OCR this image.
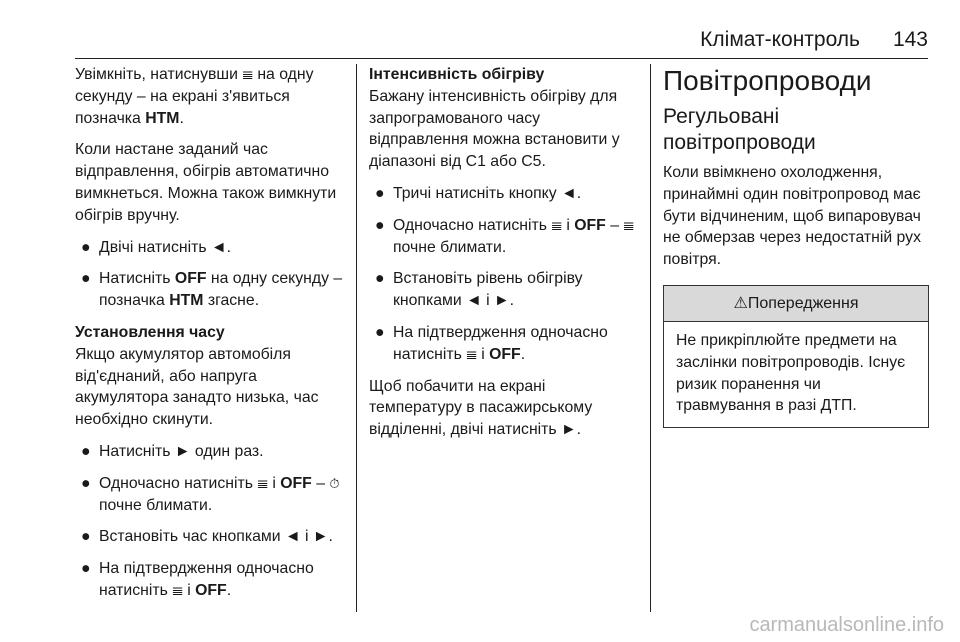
Клімат-контроль	143

Увімкніть, натиснувши 𝍣 на одну секунду – на екрані з'явиться позначка HTM.

Коли настане заданий час відправлення, обігрів автоматично вимкнеться. Можна також вимкнути обігрів вручну.

● Двічі натисніть ◄.
● Натисніть OFF на одну секунду – позначка HTM згасне.
Установлення часу

Якщо акумулятор автомобіля від'єднаний, або напруга акумулятора занадто низька, час необхідно скинути.

● Натисніть ► один раз.
● Одночасно натисніть 𝍣 і OFF – ⏱ почне блимати.
● Встановіть час кнопками ◄ і ►.
● На підтвердження одночасно натисніть 𝍣 і OFF.
Інтенсивність обігріву

Бажану інтенсивність обігріву для запрограмованого часу відправлення можна встановити у діапазоні від C1 або C5.

● Тричі натисніть кнопку ◄.
● Одночасно натисніть 𝍣 і OFF – 𝍣 почне блимати.
● Встановіть рівень обігріву кнопками ◄ і ►.
● На підтвердження одночасно натисніть 𝍣 і OFF.

Щоб побачити на екрані температуру в пасажирському відділенні, двічі натисніть ►.

Повітропроводи
Регульовані повітропроводи

Коли ввімкнено охолодження, принаймні один повітропровод має бути відчиненим, щоб випаровувач не обмерзав через недостатній рух повітря.

⚠Попередження
Не прикріплюйте предмети на заслінки повітропроводів. Існує ризик поранення чи травмування в разі ДТП.
carmanualsonline.info
